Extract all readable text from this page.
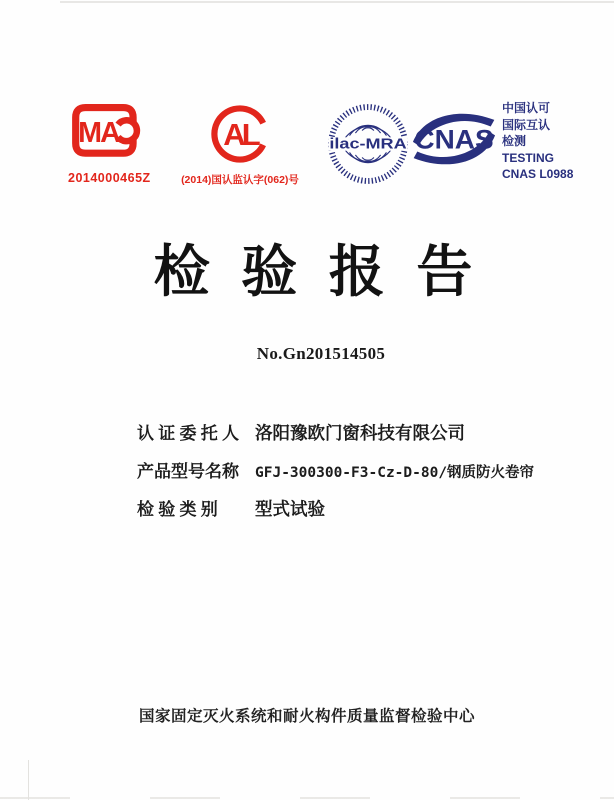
MA
2014000465Z
AL
(2014)国认监认字(062)号
ilac-MRA CNAS
中国认可
国际互认
检测
TESTING
CNAS L0988
检 验 报 告
No.Gn201514505
认 证 委 托 人 洛阳豫欧门窗科技有限公司
产品型号名称	GFJ-300300-F3-Cz-D-80/钢质防火卷帘
检 验 类 别	型式试验
国家固定灭火系统和耐火构件质量监督检验中心
